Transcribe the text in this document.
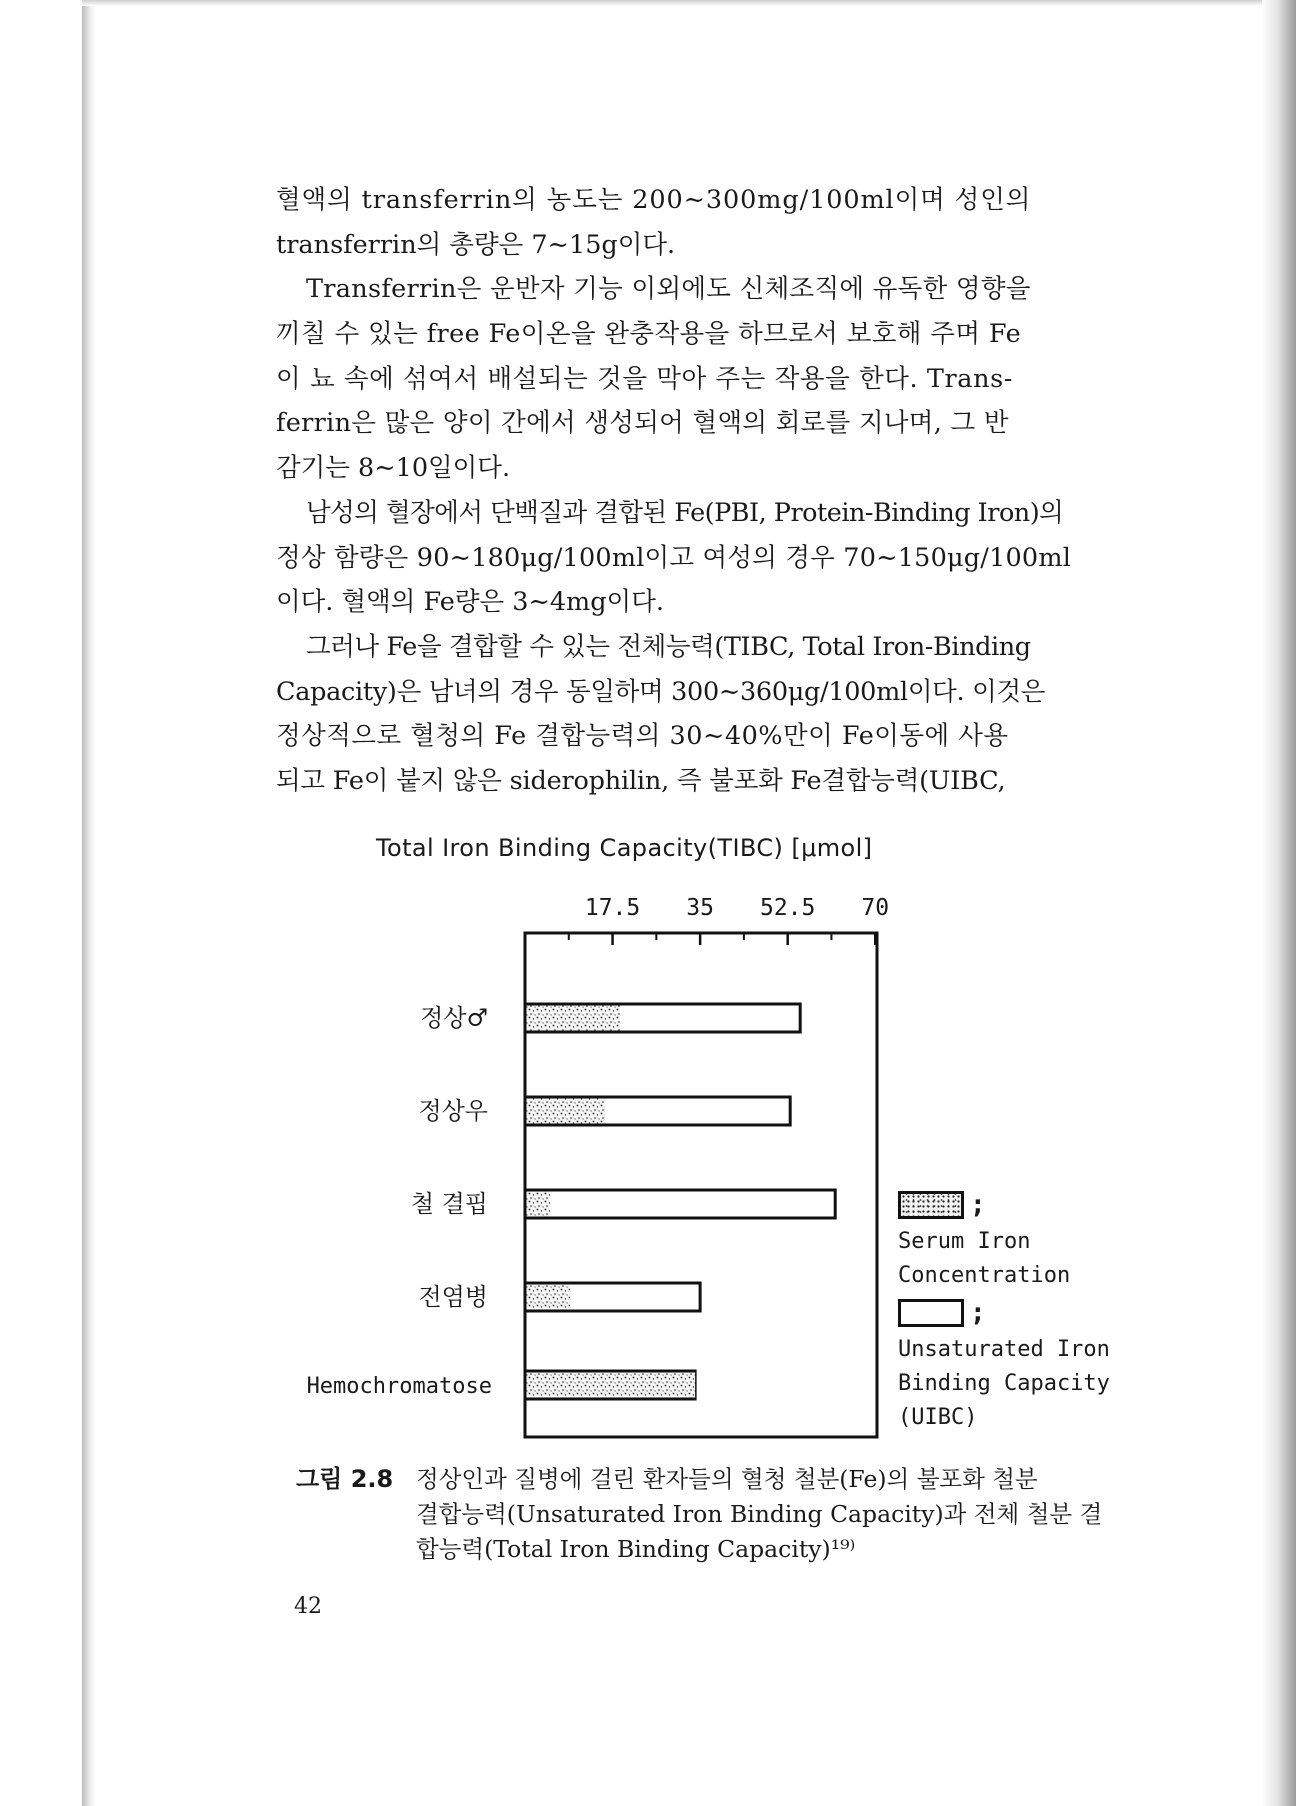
혈액의 transferrin의 농도는 200∼300mg/100ml이며 성인의
transferrin의 총량은 7∼15g이다.
Transferrin은 운반자 기능 이외에도 신체조직에 유독한 영향을
끼칠 수 있는 free Fe이온을 완충작용을 하므로서 보호해 주며 Fe
이 뇨 속에 섞여서 배설되는 것을 막아 주는 작용을 한다. Trans-
ferrin은 많은 양이 간에서 생성되어 혈액의 회로를 지나며, 그 반
감기는 8∼10일이다.
남성의 혈장에서 단백질과 결합된 Fe(PBI, Protein-Binding Iron)의
정상 함량은 90∼180μg/100ml이고 여성의 경우 70∼150μg/100ml
이다. 혈액의 Fe량은 3∼4mg이다.
그러나 Fe을 결합할 수 있는 전체능력(TIBC, Total Iron-Binding
Capacity)은 남녀의 경우 동일하며 300∼360μg/100ml이다. 이것은
정상적으로 혈청의 Fe 결합능력의 30∼40%만이 Fe이동에 사용
되고 Fe이 붙지 않은 siderophilin, 즉 불포화 Fe결합능력(UIBC,
Total Iron Binding Capacity(TIBC) [μmol]
17.5 35 52.5 70
정상♂
정상우
철 결핍
전염병
Hemochromatose
;
Serum Iron
Concentration
;
Unsaturated Iron
Binding Capacity
(UIBC)
그림 2.8 정상인과 질병에 걸린 환자들의 혈청 철분(Fe)의 불포화 철분
결합능력(Unsaturated Iron Binding Capacity)과 전체 철분 결
합능력(Total Iron Binding Capacity)¹⁹⁾
42
